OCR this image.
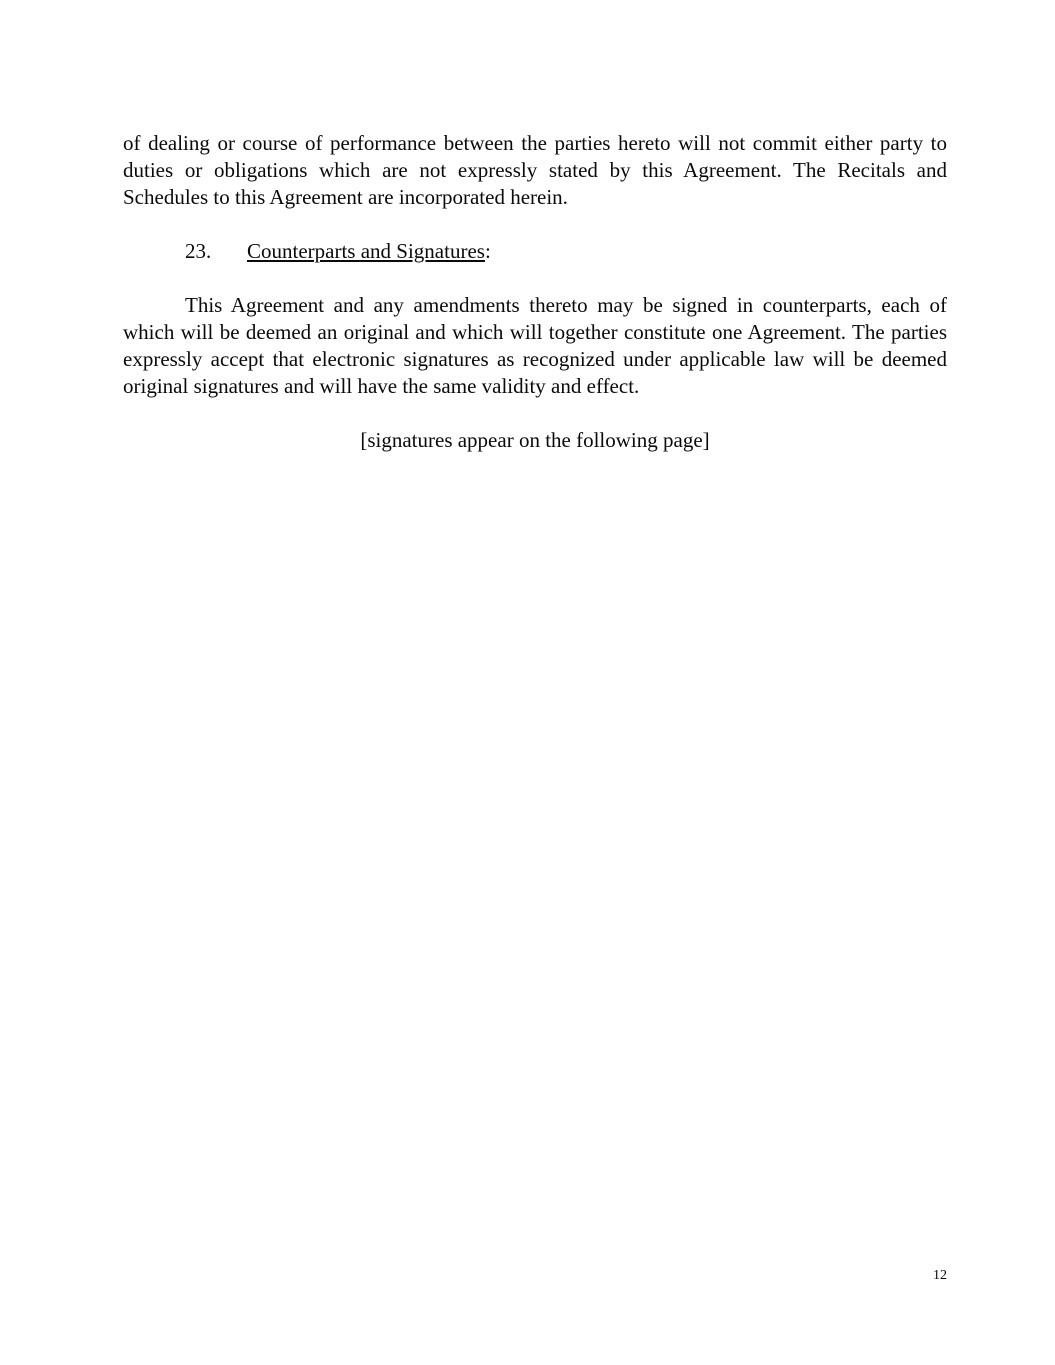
of dealing or course of performance between the parties hereto will not commit either party to duties or obligations which are not expressly stated by this Agreement. The Recitals and Schedules to this Agreement are incorporated herein.

23. Counterparts and Signatures:

This Agreement and any amendments thereto may be signed in counterparts, each of which will be deemed an original and which will together constitute one Agreement. The parties expressly accept that electronic signatures as recognized under applicable law will be deemed original signatures and will have the same validity and effect.

[signatures appear on the following page]

12
